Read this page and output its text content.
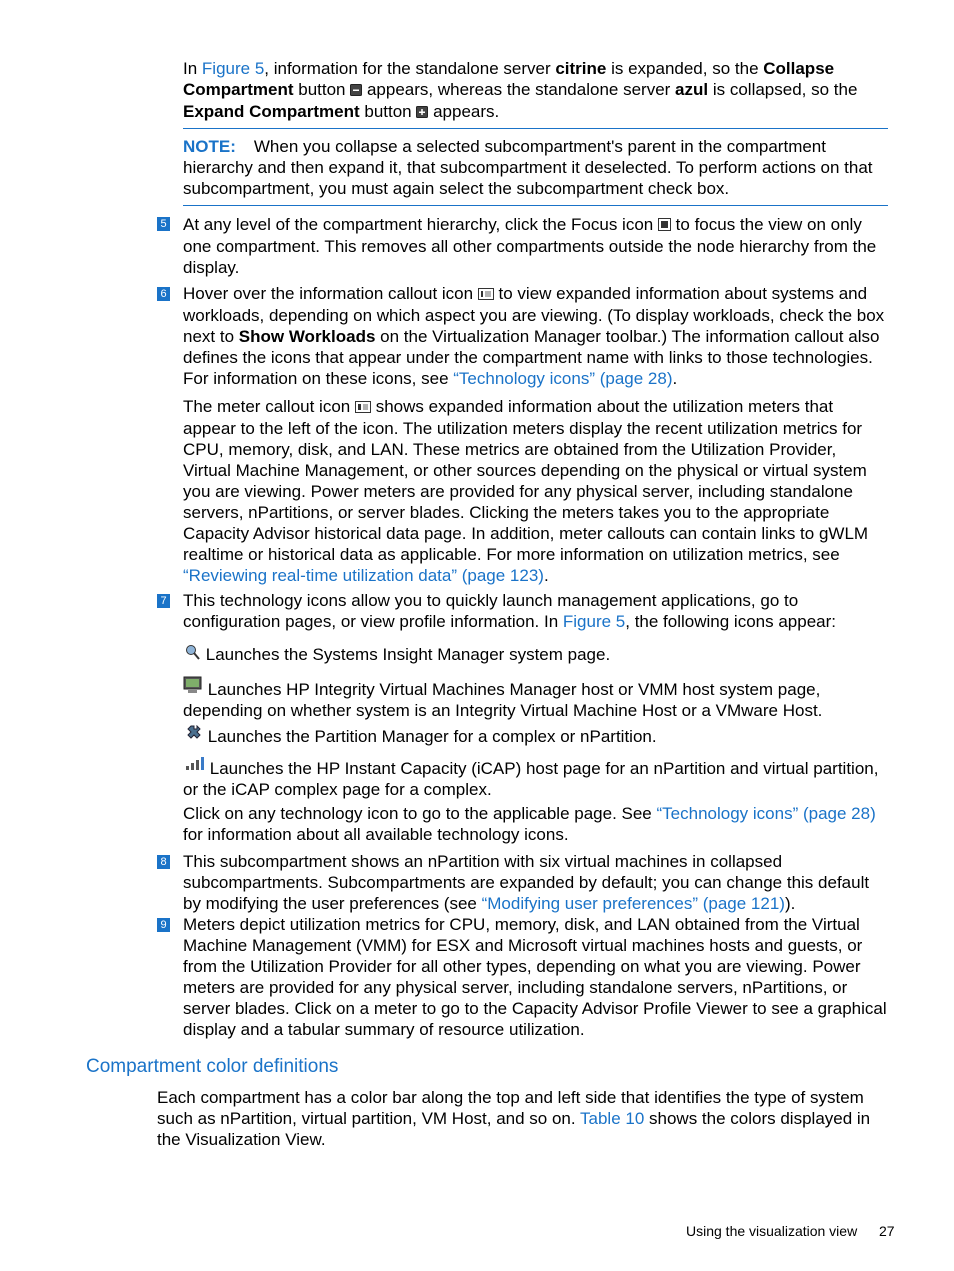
In Figure 5, information for the standalone server citrine is expanded, so the Collapse Compartment button  appears, whereas the standalone server azul is collapsed, so the Expand Compartment button  appears.

NOTE: When you collapse a selected subcompartment's parent in the compartment hierarchy and then expand it, that subcompartment it deselected. To perform actions on that subcompartment, you must again select the subcompartment check box.

5 At any level of the compartment hierarchy, click the Focus icon  to focus the view on only one compartment. This removes all other compartments outside the node hierarchy from the display.

6 Hover over the information callout icon  to view expanded information about systems and workloads, depending on which aspect you are viewing. (To display workloads, check the box next to Show Workloads on the Virtualization Manager toolbar.) The information callout also defines the icons that appear under the compartment name with links to those technologies. For information on these icons, see “Technology icons” (page 28).

The meter callout icon  shows expanded information about the utilization meters that appear to the left of the icon. The utilization meters display the recent utilization metrics for CPU, memory, disk, and LAN. These metrics are obtained from the Utilization Provider, Virtual Machine Management, or other sources depending on the physical or virtual system you are viewing. Power meters are provided for any physical server, including standalone servers, nPartitions, or server blades. Clicking the meters takes you to the appropriate Capacity Advisor historical data page. In addition, meter callouts can contain links to gWLM realtime or historical data as applicable. For more information on utilization metrics, see “Reviewing real-time utilization data” (page 123).

7 This technology icons allow you to quickly launch management applications, go to configuration pages, or view profile information. In Figure 5, the following icons appear:

Launches the Systems Insight Manager system page.

Launches HP Integrity Virtual Machines Manager host or VMM host system page, depending on whether system is an Integrity Virtual Machine Host or a VMware Host.

Launches the Partition Manager for a complex or nPartition.

Launches the HP Instant Capacity (iCAP) host page for an nPartition and virtual partition, or the iCAP complex page for a complex.

Click on any technology icon to go to the applicable page. See “Technology icons” (page 28) for information about all available technology icons.

8 This subcompartment shows an nPartition with six virtual machines in collapsed subcompartments. Subcompartments are expanded by default; you can change this default by modifying the user preferences (see “Modifying user preferences” (page 121)).

9 Meters depict utilization metrics for CPU, memory, disk, and LAN obtained from the Virtual Machine Management (VMM) for ESX and Microsoft virtual machines hosts and guests, or from the Utilization Provider for all other types, depending on what you are viewing. Power meters are provided for any physical server, including standalone servers, nPartitions, or server blades. Click on a meter to go to the Capacity Advisor Profile Viewer to see a graphical display and a tabular summary of resource utilization.

Compartment color definitions

Each compartment has a color bar along the top and left side that identifies the type of system such as nPartition, virtual partition, VM Host, and so on. Table 10 shows the colors displayed in the Visualization View.

Using the visualization view 27
